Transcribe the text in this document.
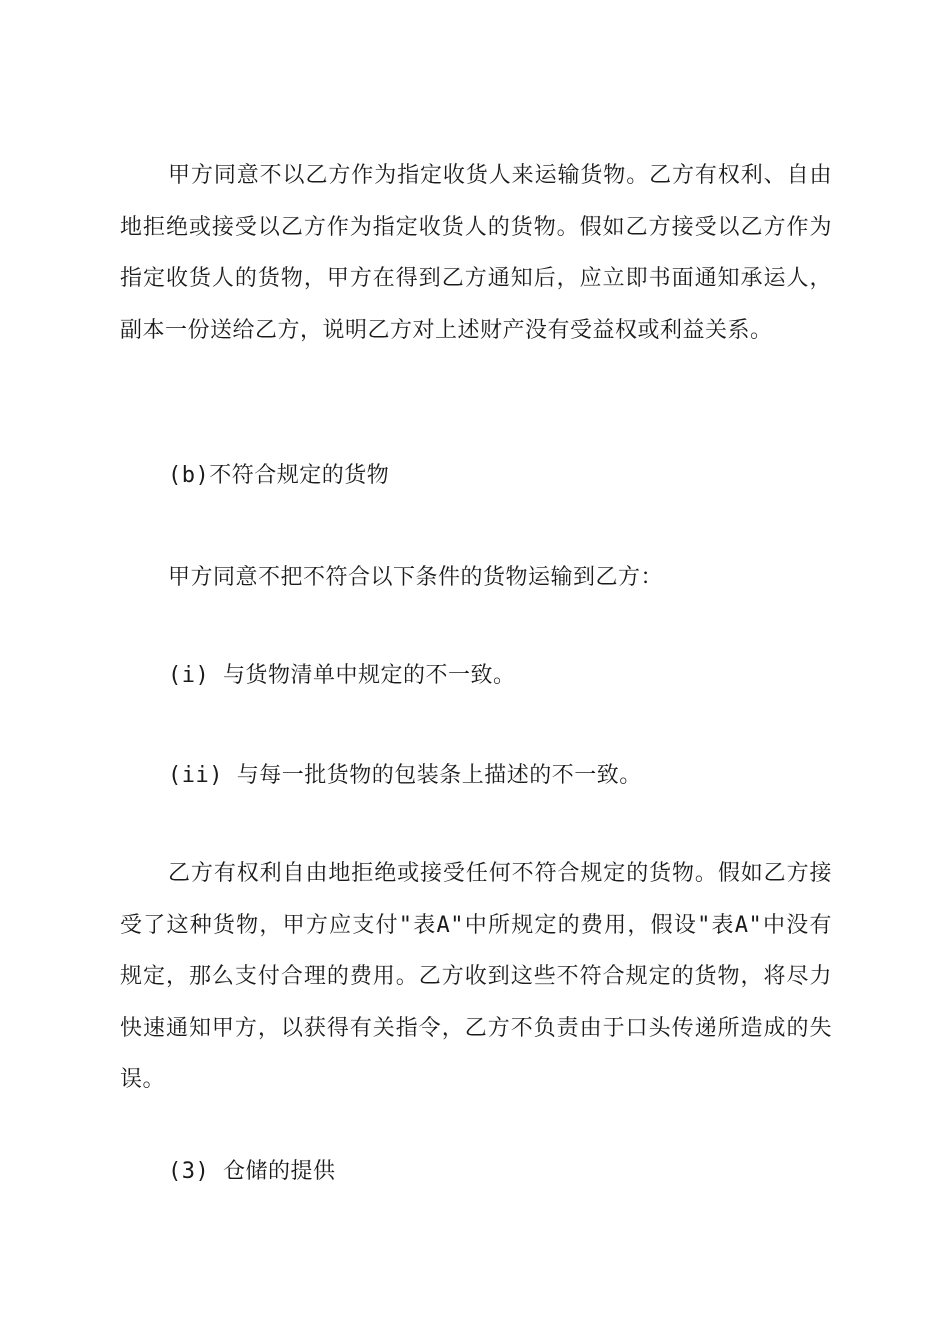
甲方同意不以乙方作为指定收货人来运输货物。乙方有权利、自由地拒绝或接受以乙方作为指定收货人的货物。假如乙方接受以乙方作为指定收货人的货物，甲方在得到乙方通知后，应立即书面通知承运人，副本一份送给乙方，说明乙方对上述财产没有受益权或利益关系。

(b)不符合规定的货物

甲方同意不把不符合以下条件的货物运输到乙方：

(i) 与货物清单中规定的不一致。

(ii) 与每一批货物的包装条上描述的不一致。

乙方有权利自由地拒绝或接受任何不符合规定的货物。假如乙方接受了这种货物，甲方应支付"表A"中所规定的费用，假设"表A"中没有规定，那么支付合理的费用。乙方收到这些不符合规定的货物，将尽力快速通知甲方，以获得有关指令，乙方不负责由于口头传递所造成的失误。

(3) 仓储的提供
